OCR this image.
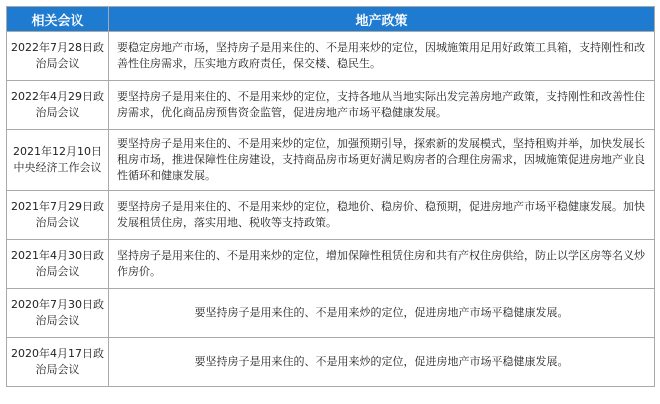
相关会议	地产政策
2022年7月28日政治局会议	要稳定房地产市场，坚持房子是用来住的、不是用来炒的定位，因城施策用足用好政策工具箱，支持刚性和改善性住房需求，压实地方政府责任，保交楼、稳民生。
2022年4月29日政治局会议	要坚持房子是用来住的、不是用来炒的定位，支持各地从当地实际出发完善房地产政策，支持刚性和改善性住房需求，优化商品房预售资金监管，促进房地产市场平稳健康发展。
2021年12月10日中央经济工作会议	要坚持房子是用来住的、不是用来炒的定位，加强预期引导，探索新的发展模式，坚持租购并举，加快发展长租房市场，推进保障性住房建设，支持商品房市场更好满足购房者的合理住房需求，因城施策促进房地产业良性循环和健康发展。
2021年7月29日政治局会议	要坚持房子是用来住的、不是用来炒的定位，稳地价、稳房价、稳预期，促进房地产市场平稳健康发展。加快发展租赁住房，落实用地、税收等支持政策。
2021年4月30日政治局会议	坚持房子是用来住的、不是用来炒的定位，增加保障性租赁住房和共有产权住房供给，防止以学区房等名义炒作房价。
2020年7月30日政治局会议	要坚持房子是用来住的、不是用来炒的定位，促进房地产市场平稳健康发展。
2020年4月17日政治局会议	要坚持房子是用来住的、不是用来炒的定位，促进房地产市场平稳健康发展。
